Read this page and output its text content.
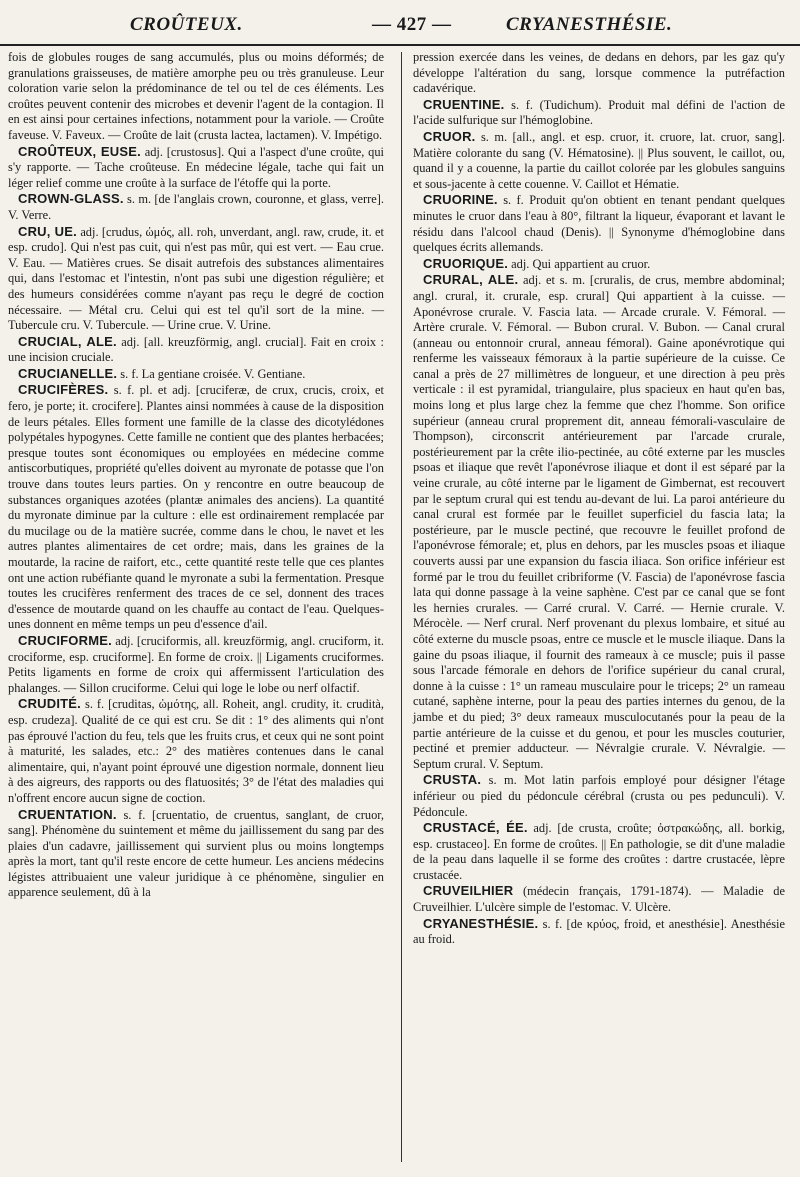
CROÛTEUX.	— 427 —	CRYANESTHÉSIE.

fois de globules rouges de sang accumulés, plus ou moins déformés; de granulations graisseuses, de matière amorphe peu ou très granuleuse. Leur coloration varie selon la prédominance de tel ou tel de ces éléments. Les croûtes peuvent contenir des microbes et devenir l'agent de la contagion. Il en est ainsi pour certaines infections, notamment pour la variole. — Croûte faveuse. V. Faveux. — Croûte de lait (crusta lactea, lactamen). V. Impétigo.

CROÛTEUX, EUSE. adj. [crustosus]. Qui a l'aspect d'une croûte, qui s'y rapporte. — Tache croûteuse. En médecine légale, tache qui fait un léger relief comme une croûte à la surface de l'étoffe qui la porte.

CROWN-GLASS. s. m. [de l'anglais crown, couronne, et glass, verre]. V. Verre.

CRU, UE. adj. [crudus, ὠμός, all. roh, unverdant, angl. raw, crude, it. et esp. crudo]. Qui n'est pas cuit, qui n'est pas mûr, qui est vert. — Eau crue. V. Eau. — Matières crues. Se disait autrefois des substances alimentaires qui, dans l'estomac et l'intestin, n'ont pas subi une digestion régulière; et des humeurs considérées comme n'ayant pas reçu le degré de coction nécessaire. — Métal cru. Celui qui est tel qu'il sort de la mine. — Tubercule cru. V. Tubercule. — Urine crue. V. Urine.

CRUCIAL, ALE. adj. [all. kreuzförmig, angl. crucial]. Fait en croix : une incision cruciale.

CRUCIANELLE. s. f. La gentiane croisée. V. Gentiane.

CRUCIFÈRES. s. f. pl. et adj. [cruciferæ, de crux, crucis, croix, et fero, je porte; it. crocifere]. Plantes ainsi nommées à cause de la disposition de leurs pétales. Elles forment une famille de la classe des dicotylédones polypétales hypogynes. Cette famille ne contient que des plantes herbacées; presque toutes sont économiques ou employées en médecine comme antiscorbutiques, propriété qu'elles doivent au myronate de potasse que l'on trouve dans toutes leurs parties. On y rencontre en outre beaucoup de substances organiques azotées (plantæ animales des anciens). La quantité du myronate diminue par la culture : elle est ordinairement remplacée par du mucilage ou de la matière sucrée, comme dans le chou, le navet et les autres plantes alimentaires de cet ordre; mais, dans les graines de la moutarde, la racine de raifort, etc., cette quantité reste telle que ces plantes ont une action rubéfiante quand le myronate a subi la fermentation. Presque toutes les crucifères renferment des traces de ce sel, donnent des traces d'essence de moutarde quand on les chauffe au contact de l'eau. Quelques-unes donnent en même temps un peu d'essence d'ail.

CRUCIFORME. adj. [cruciformis, all. kreuzförmig, angl. cruciform, it. crociforme, esp. cruciforme]. En forme de croix. || Ligaments cruciformes. Petits ligaments en forme de croix qui affermissent l'articulation des phalanges. — Sillon cruciforme. Celui qui loge le lobe ou nerf olfactif.

CRUDITÉ. s. f. [cruditas, ὠμότης, all. Roheit, angl. crudity, it. crudità, esp. crudeza]. Qualité de ce qui est cru. Se dit : 1° des aliments qui n'ont pas éprouvé l'action du feu, tels que les fruits crus, et ceux qui ne sont point à maturité, les salades, etc.: 2° des matières contenues dans le canal alimentaire, qui, n'ayant point éprouvé une digestion normale, donnent lieu à des aigreurs, des rapports ou des flatuosités; 3° de l'état des maladies qui n'offrent encore aucun signe de coction.

CRUENTATION. s. f. [cruentatio, de cruentus, sanglant, de cruor, sang]. Phénomène du suintement et même du jaillissement du sang par des plaies d'un cadavre, jaillissement qui survient plus ou moins longtemps après la mort, tant qu'il reste encore de cette humeur. Les anciens médecins légistes attribuaient une valeur juridique à ce phénomène, singulier en apparence seulement, dû à la

pression exercée dans les veines, de dedans en dehors, par les gaz qu'y développe l'altération du sang, lorsque commence la putréfaction cadavérique.

CRUENTINE. s. f. (Tudichum). Produit mal défini de l'action de l'acide sulfurique sur l'hémoglobine.

CRUOR. s. m. [all., angl. et esp. cruor, it. cruore, lat. cruor, sang]. Matière colorante du sang (V. Hématosine). || Plus souvent, le caillot, ou, quand il y a couenne, la partie du caillot colorée par les globules sanguins et sous-jacente à cette couenne. V. Caillot et Hématie.

CRUORINE. s. f. Produit qu'on obtient en tenant pendant quelques minutes le cruor dans l'eau à 80°, filtrant la liqueur, évaporant et lavant le résidu dans l'alcool chaud (Denis). || Synonyme d'hémoglobine dans quelques écrits allemands.

CRUORIQUE. adj. Qui appartient au cruor.

CRURAL, ALE. adj. et s. m. [cruralis, de crus, membre abdominal; angl. crural, it. crurale, esp. crural] Qui appartient à la cuisse. — Aponévrose crurale. V. Fascia lata. — Arcade crurale. V. Fémoral. — Artère crurale. V. Fémoral. — Bubon crural. V. Bubon. — Canal crural (anneau ou entonnoir crural, anneau fémoral). Gaine aponévrotique qui renferme les vaisseaux fémoraux à la partie supérieure de la cuisse. Ce canal a près de 27 millimètres de longueur, et une direction à peu près verticale : il est pyramidal, triangulaire, plus spacieux en haut qu'en bas, moins long et plus large chez la femme que chez l'homme. Son orifice supérieur (anneau crural proprement dit, anneau fémorali-vasculaire de Thompson), circonscrit antérieurement par l'arcade crurale, postérieurement par la crête ilio-pectinée, au côté externe par les muscles psoas et iliaque que revêt l'aponévrose iliaque et dont il est séparé par la veine crurale, au côté interne par le ligament de Gimbernat, est recouvert par le septum crural qui est tendu au-devant de lui. La paroi antérieure du canal crural est formée par le feuillet superficiel du fascia lata; la postérieure, par le muscle pectiné, que recouvre le feuillet profond de l'aponévrose fémorale; et, plus en dehors, par les muscles psoas et iliaque couverts aussi par une expansion du fascia iliaca. Son orifice inférieur est formé par le trou du feuillet cribriforme (V. Fascia) de l'aponévrose fascia lata qui donne passage à la veine saphène. C'est par ce canal que se font les hernies crurales. — Carré crural. V. Carré. — Hernie crurale. V. Mérocèle. — Nerf crural. Nerf provenant du plexus lombaire, et situé au côté externe du muscle psoas, entre ce muscle et le muscle iliaque. Dans la gaine du psoas iliaque, il fournit des rameaux à ce muscle; puis il passe sous l'arcade fémorale en dehors de l'orifice supérieur du canal crural, donne à la cuisse : 1° un rameau musculaire pour le triceps; 2° un rameau cutané, saphène interne, pour la peau des parties internes du genou, de la jambe et du pied; 3° deux rameaux musculocutanés pour la peau de la partie antérieure de la cuisse et du genou, et pour les muscles couturier, pectiné et premier adducteur. — Névralgie crurale. V. Névralgie. — Septum crural. V. Septum.

CRUSTA. s. m. Mot latin parfois employé pour désigner l'étage inférieur ou pied du pédoncule cérébral (crusta ou pes pedunculi). V. Pédoncule.

CRUSTACÉ, ÉE. adj. [de crusta, croûte; ὀστρακώδης, all. borkig, esp. crustaceo]. En forme de croûtes. || En pathologie, se dit d'une maladie de la peau dans laquelle il se forme des croûtes : dartre crustacée, lèpre crustacée.

CRUVEILHIER (médecin français, 1791-1874). — Maladie de Cruveilhier. L'ulcère simple de l'estomac. V. Ulcère.

CRYANESTHÉSIE. s. f. [de κρύος, froid, et anesthésie]. Anesthésie au froid.
